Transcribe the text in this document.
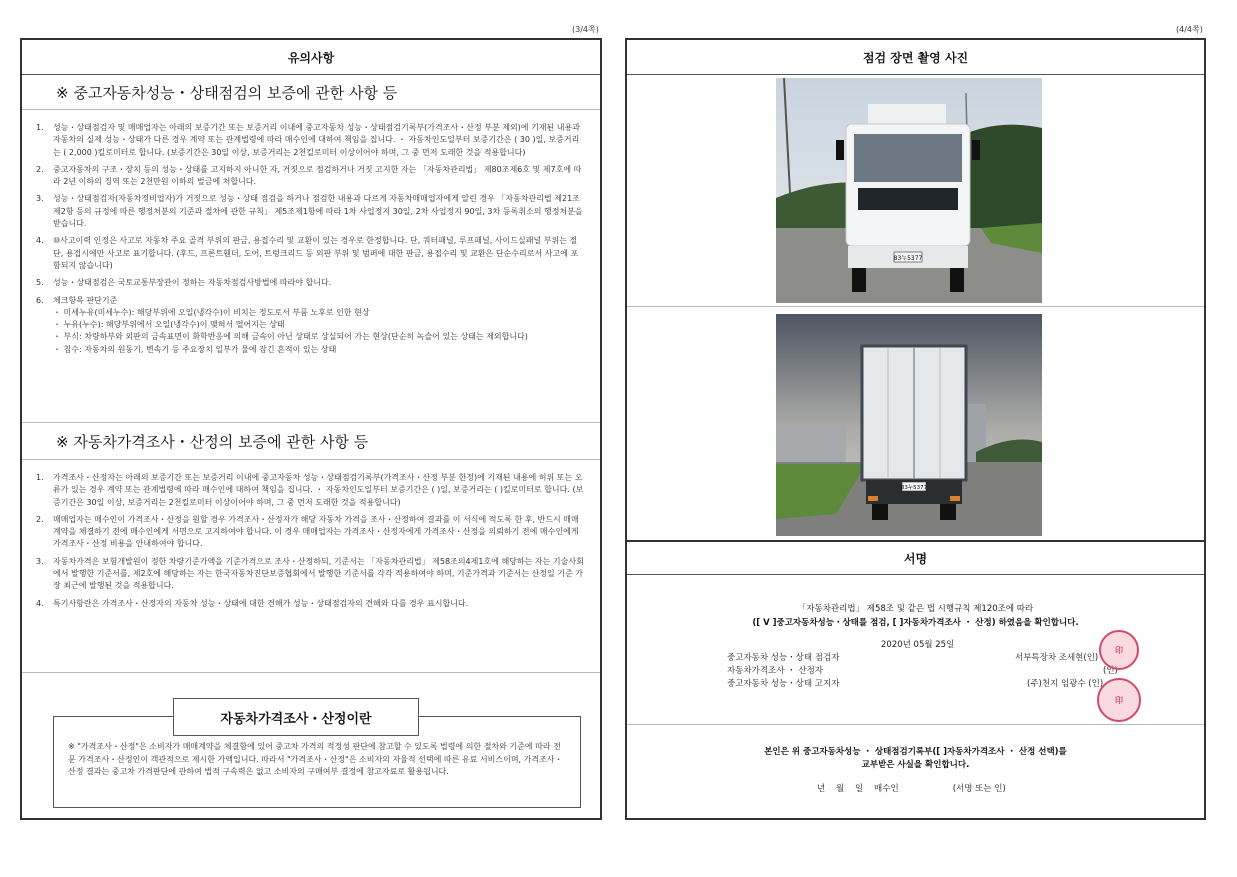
(3/4쪽)
유의사항
※ 중고자동차성능・상태점검의 보증에 관한 사항 등
1.	성능・상태점검자 및 매매업자는 아래의 보증기간 또는 보증거리 이내에 중고자동차 성능・상태점검기록부(가격조사・산정 부분 제외)에 기재된 내용과 자동차의 실제 성능・상태가 다른 경우 계약 또는 관계법령에 따라 매수인에 대하여 책임을 집니다. ・ 자동차인도일부터 보증기간은 ( 30 )일, 보증거리는 ( 2,000 )킬로미터로 합니다. (보증기간은 30일 이상, 보증거리는 2천킬로미터 이상이어야 하며, 그 중 먼저 도래한 것을 적용합니다)
2.	중고자동차의 구조・장치 등의 성능・상태를 고지하지 아니한 자, 거짓으로 점검하거나 거짓 고지한 자는 「자동차관리법」 제80조제6호 및 제7호에 따라 2년 이하의 징역 또는 2천만원 이하의 벌금에 처합니다.
3.	성능・상태점검자(자동차정비업자)가 거짓으로 성능・상태 점검을 하거나 점검한 내용과 다르게 자동차매매업자에게 알린 경우 「자동차관리법 제21조제2항 등의 규정에 따른 행정처분의 기준과 절차에 관한 규칙」 제5조제1항에 따라 1차 사업정지 30일, 2차 사업정지 90일, 3차 등록취소의 행정처분을 받습니다.
4.	⑩사고이력 인정은 사고로 자동차 주요 골격 부위의 판금, 용접수리 및 교환이 있는 경우로 한정합니다. 단, 쿼터패널, 루프패널, 사이드실패널 부위는 절단, 용접시에만 사고로 표기합니다. (후드, 프론트휀더, 도어, 트렁크리드 등 외판 부위 및 범퍼에 대한 판금, 용접수리 및 교환은 단순수리로서 사고에 포함되지 않습니다)
5.	성능・상태점검은 국토교통부장관이 정하는 자동차점검사방법에 따라야 합니다.
6.	체크항목 판단기준
・ 미세누유(미세누수): 해당부위에 오일(냉각수)이 비치는 정도로서 부품 노후로 인한 현상
・ 누유(누수): 해당부위에서 오일(냉각수)이 맺혀서 떨어지는 상태
・ 부식: 차량하부와 외판의 금속표면이 화학반응에 의해 금속이 아닌 상태로 상실되어 가는 현상(단순히 녹슬어 있는 상태는 제외합니다)
・ 침수: 자동차의 원동기, 변속기 등 주요장치 일부가 물에 잠긴 흔적이 있는 상태
※ 자동차가격조사・산정의 보증에 관한 사항 등
1.	가격조사・산정자는 아래의 보증기간 또는 보증거리 이내에 중고자동차 성능・상태점검기록부(가격조사・산정 부분 한정)에 기재된 내용에 허위 또는 오류가 있는 경우 계약 또는 관계법령에 따라 매수인에 대하여 책임을 집니다. ・ 자동차인도일부터 보증기간은 ( )일, 보증거리는 ( )킬로미터로 합니다. (보증기간은 30일 이상, 보증거리는 2천킬로미터 이상이어야 하며, 그 중 먼저 도래한 것을 적용합니다)
2.	매매업자는 매수인이 가격조사・산정을 원할 경우 가격조사・산정자가 해당 자동차 가격을 조사・산정하여 결과를 이 서식에 적도록 한 후, 반드시 매매계약을 체결하기 전에 매수인에게 서면으로 고지하여야 합니다. 이 경우 매매업자는 가격조사・산정자에게 가격조사・산정을 의뢰하기 전에 매수인에게 가격조사・산정 비용을 안내하여야 합니다.
3.	자동차가격은 보험개발원이 정한 차량기준가액을 기준가격으로 조사・산정하되, 기준서는 「자동차관리법」 제58조의4제1호에 해당하는 자는 기술사회에서 발행한 기준서를, 제2호에 해당하는 자는 한국자동차진단보증협회에서 발행한 기준서를 각각 적용하여야 하며, 기준가격과 기준서는 산정일 기준 가장 최근에 발행된 것을 적용합니다.
4.	특기사항란은 가격조사・산정자의 자동차 성능・상태에 대한 견해가 성능・상태점검자의 견해와 다를 경우 표시합니다.
※ "가격조사・산정"은 소비자가 매매계약을 체결함에 있어 중고차 가격의 적정성 판단에 참고할 수 있도록 법령에 의한 절차와 기준에 따라 전문 가격조사・산정인이 객관적으로 제시한 가액입니다. 따라서 "가격조사・산정"은 소비자의 자율적 선택에 따른 유료 서비스이며, 가격조사・산정 결과는 중고차 가격판단에 관하여 법적 구속력은 없고 소비자의 구매여부 결정에 참고자료로 활용됩니다.
자동차가격조사・산정이란
(4/4쪽)
점검 장면 촬영 사진
83누5377
83누5377
서명
「자동차관리법」 제58조 및 같은 법 시행규칙 제120조에 따라
([ V ]중고자동차성능・상태를 점검, [ ]자동차가격조사 ・ 산정) 하였음을 확인합니다.
2020년 05월 25일
중고자동차 성능・상태 점검자	서부특장차 조세현(인)
자동차가격조사 ・ 산정자	(인)
중고자동차 성능・상태 고지자	(주)천지 임광수 (인)
印
印
본인은 위 중고자동차성능 ・ 상태점검기록부([ ]자동차가격조사 ・ 산정 선택)를
교부받은 사실을 확인합니다.
년    월    일    매수인                    (서명 또는 인)
